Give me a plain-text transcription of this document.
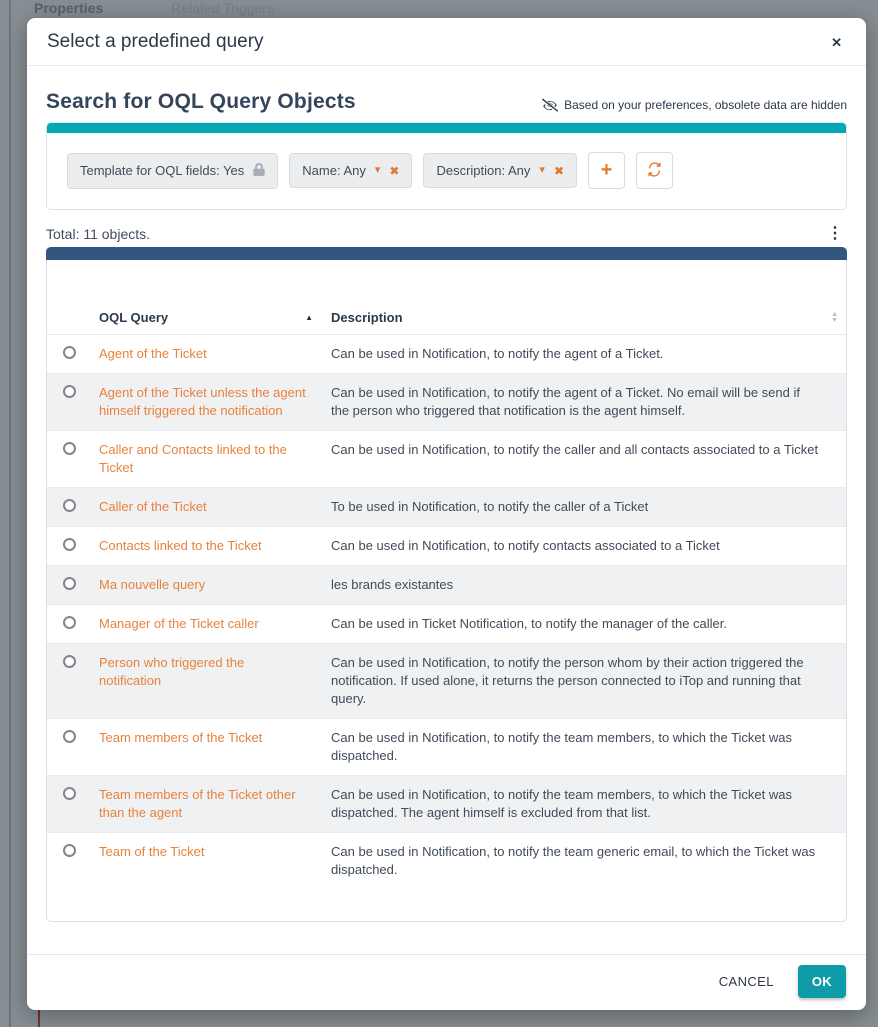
Properties	Related Triggers
Select a predefined query	✕
Search for OQL Query Objects	Based on your preferences, obsolete data are hidden
Template for OQL fields: Yes	Name: Any ▾ ✖	Description: Any ▾ ✖ +
Total: 11 objects.	⋮

	OQL Query ▲	Description ▲
▼

	Agent of the Ticket	Can be used in Notification, to notify the agent of a Ticket.
	Agent of the Ticket unless the agent himself triggered the notification	Can be used in Notification, to notify the agent of a Ticket. No email will be send if the person who triggered that notification is the agent himself.
	Caller and Contacts linked to the Ticket	Can be used in Notification, to notify the caller and all contacts associated to a Ticket
	Caller of the Ticket	To be used in Notification, to notify the caller of a Ticket
	Contacts linked to the Ticket	Can be used in Notification, to notify contacts associated to a Ticket
	Ma nouvelle query	les brands existantes
	Manager of the Ticket caller	Can be used in Ticket Notification, to notify the manager of the caller.
	Person who triggered the notification	Can be used in Notification, to notify the person whom by their action triggered the notification. If used alone, it returns the person connected to iTop and running that query.
	Team members of the Ticket	Can be used in Notification, to notify the team members, to which the Ticket was dispatched.
	Team members of the Ticket other than the agent	Can be used in Notification, to notify the team members, to which the Ticket was dispatched. The agent himself is excluded from that list.
	Team of the Ticket	Can be used in Notification, to notify the team generic email, to which the Ticket was dispatched.
CANCEL	OK
